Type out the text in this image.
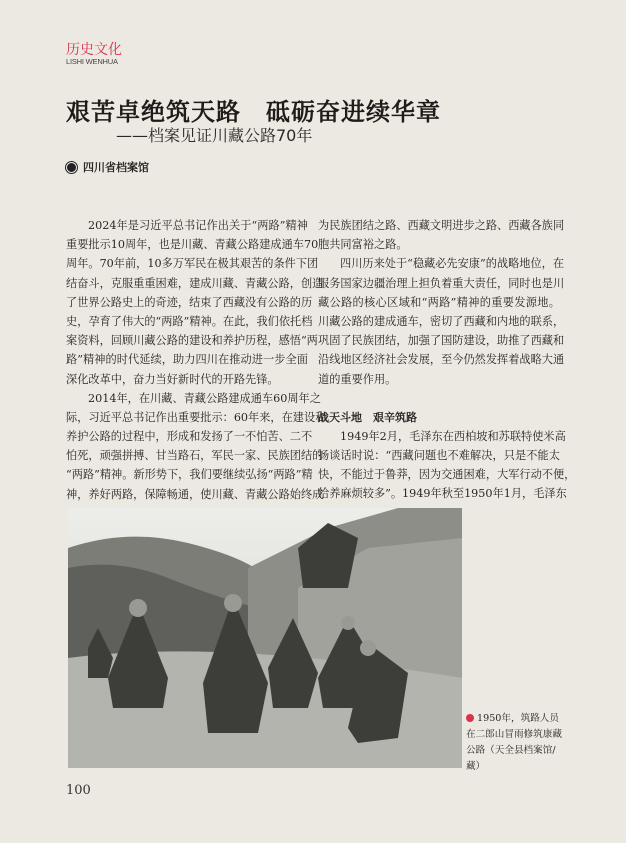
历史文化
LISHI WENHUA
艰苦卓绝筑天路　砥砺奋进续华章
——档案见证川藏公路70年
四川省档案馆
2024年是习近平总书记作出关于“两路”精神
重要批示10周年，也是川藏、青藏公路建成通车70
周年。70年前，10多万军民在极其艰苦的条件下团
结奋斗，克服重重困难，建成川藏、青藏公路，创造
了世界公路史上的奇迹，结束了西藏没有公路的历
史，孕育了伟大的“两路”精神。在此，我们依托档
案资料，回顾川藏公路的建设和养护历程，感悟“两
路”精神的时代延续，助力四川在推动进一步全面
深化改革中，奋力当好新时代的开路先锋。
2014年，在川藏、青藏公路建成通车60周年之
际，习近平总书记作出重要批示：60年来，在建设和
养护公路的过程中，形成和发扬了一不怕苦、二不
怕死，顽强拼搏、甘当路石，军民一家、民族团结的
“两路”精神。新形势下，我们要继续弘扬“两路”精
神，养好两路，保障畅通，使川藏、青藏公路始终成
为民族团结之路、西藏文明进步之路、西藏各族同
胞共同富裕之路。
四川历来处于“稳藏必先安康”的战略地位，在
服务国家边疆治理上担负着重大责任，同时也是川
藏公路的核心区域和“两路”精神的重要发源地。
川藏公路的建成通车，密切了西藏和内地的联系，
巩固了民族团结，加强了国防建设，助推了西藏和
沿线地区经济社会发展，至今仍然发挥着战略大通
道的重要作用。
战天斗地　艰辛筑路
1949年2月，毛泽东在西柏坡和苏联特使米高
扬谈话时说：“西藏问题也不难解决，只是不能太
快，不能过于鲁莽，因为交通困难，大军行动不便，
给养麻烦较多”。1949年秋至1950年1月，毛泽东
1950年，筑路人员在二郎山冒雨修筑康藏公路（天全县档案馆/藏）
100
